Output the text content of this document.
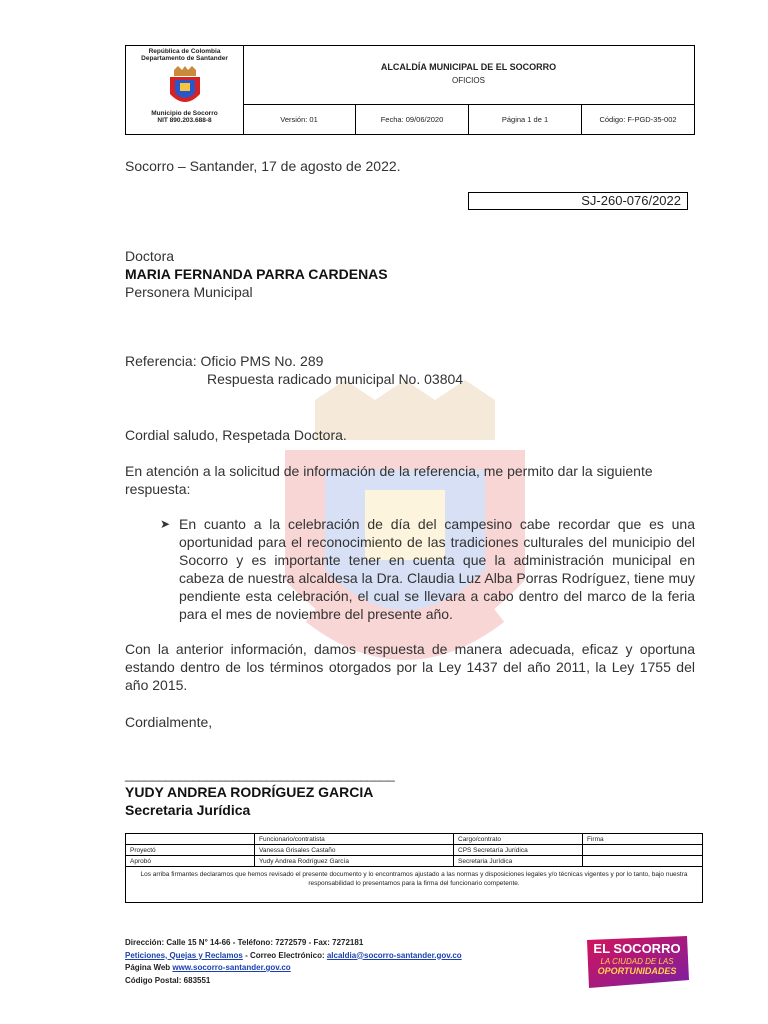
República de Colombia
Departamento de Santander
Municipio de Socorro
NIT 890.203.688-8
ALCALDÍA MUNICIPAL DE EL SOCORRO
OFICIOS
Versión: 01	Fecha: 09/06/2020	Página 1 de 1	Código: F-PGD-35-002
Socorro – Santander, 17 de agosto de 2022.
SJ-260-076/2022
Doctora
MARIA FERNANDA PARRA CARDENAS
Personera Municipal
Referencia: Oficio PMS No. 289
Respuesta radicado municipal No. 03804
Cordial saludo, Respetada Doctora.
En atención a la solicitud de información de la referencia, me permito dar la siguiente respuesta:
➤ En cuanto a la celebración de día del campesino cabe recordar que es una oportunidad para el reconocimiento de las tradiciones culturales del municipio del Socorro y es importante tener en cuenta que la administración municipal en cabeza de nuestra alcaldesa la Dra. Claudia Luz Alba Porras Rodríguez, tiene muy pendiente esta celebración, el cual se llevara a cabo dentro del marco de la feria para el mes de noviembre del presente año.
Con la anterior información, damos respuesta de manera adecuada, eficaz y oportuna estando dentro de los términos otorgados por la Ley 1437 del año 2011, la Ley 1755 del año 2015.
Cordialmente,
________________________________________
YUDY ANDREA RODRÍGUEZ GARCIA
Secretaria Jurídica
	Funcionario/contratista	Cargo/contrato	Firma
Proyectó	Vanessa Grisales Castaño	CPS Secretaría Jurídica	
Aprobó	Yudy Andrea Rodríguez García	Secretaria Jurídica	
Los arriba firmantes declaramos que hemos revisado el presente documento y lo encontramos ajustado a las normas y disposiciones legales y/o técnicas vigentes y por lo tanto, bajo nuestra responsabilidad lo presentamos para la firma del funcionario competente.			
Dirección: Calle 15 N° 14-66 - Teléfono: 7272579 - Fax: 7272181
Peticiones, Quejas y Reclamos - Correo Electrónico: alcaldia@socorro-santander.gov.co
Página Web www.socorro-santander.gov.co
Código Postal: 683551
EL SOCORRO
LA CIUDAD DE LAS
OPORTUNIDADES
